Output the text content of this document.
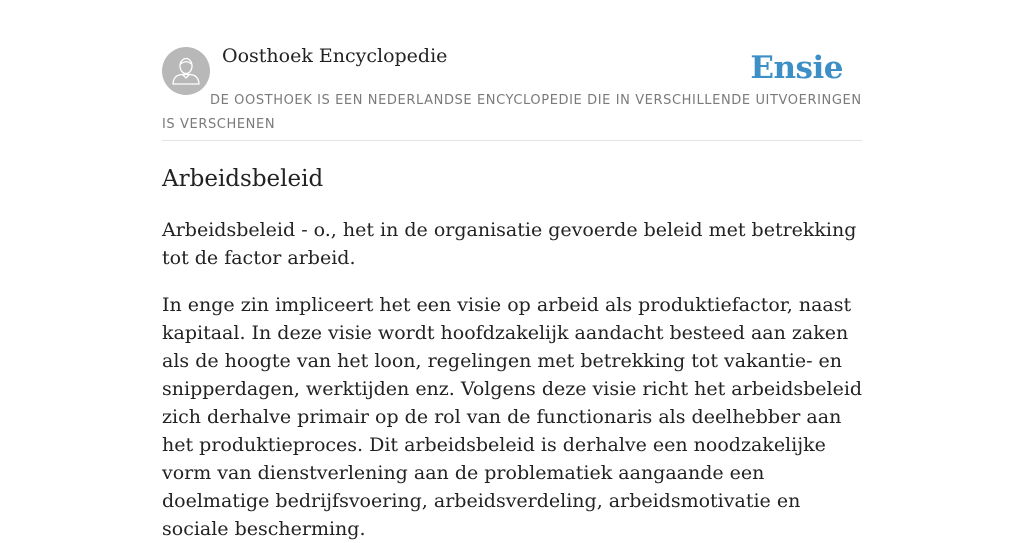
Oosthoek Encyclopedie	Ensie
DE OOSTHOEK IS EEN NEDERLANDSE ENCYCLOPEDIE DIE IN VERSCHILLENDE UITVOERINGEN IS VERSCHENEN
Arbeidsbeleid

Arbeidsbeleid - o., het in de organisatie gevoerde beleid met betrekking tot de factor arbeid.

In enge zin impliceert het een visie op arbeid als produktiefactor, naast kapitaal. In deze visie wordt hoofdzakelijk aandacht besteed aan zaken als de hoogte van het loon, regelingen met betrekking tot vakantie- en snipperdagen, werktijden enz. Volgens deze visie richt het arbeidsbeleid zich derhalve primair op de rol van de functionaris als deelhebber aan het produktieproces. Dit arbeidsbeleid is derhalve een noodzakelijke vorm van dienstverlening aan de problematiek aangaande een doelmatige bedrijfsvoering, arbeidsverdeling, arbeidsmotivatie en sociale bescherming.
